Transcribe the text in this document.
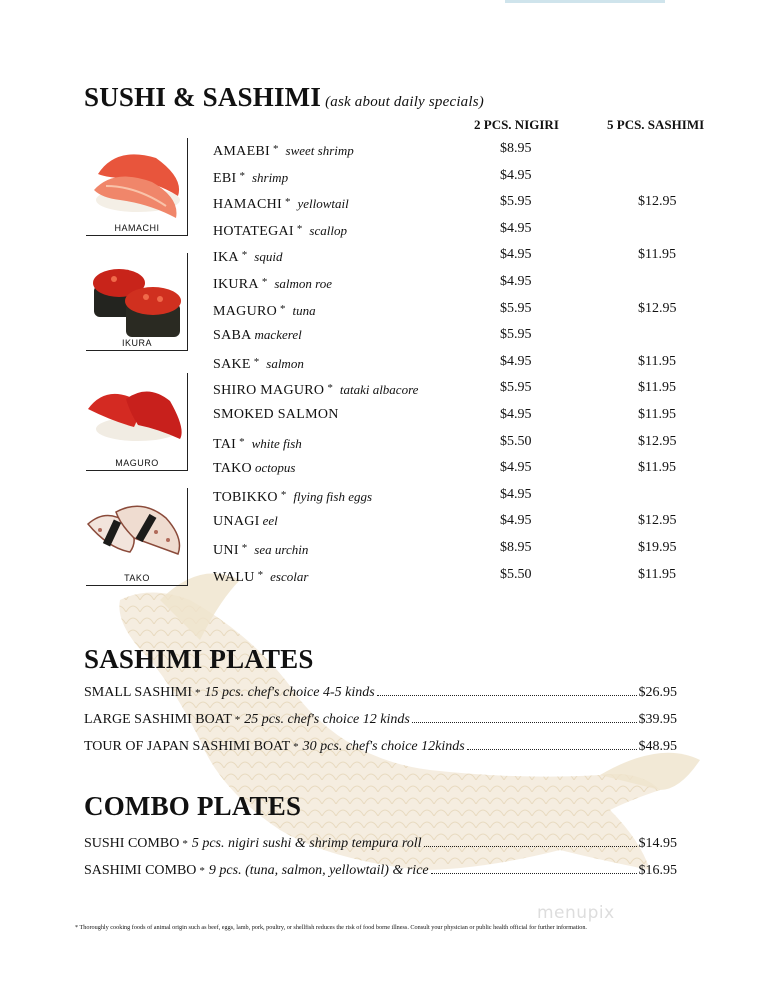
SUSHI & SASHIMI (ask about daily specials)
2 PCS. NIGIRI	5 PCS. SASHIMI
HAMACHI
IKURA
MAGURO
TAKO
AMAEBI * sweet shrimp	$8.95
EBI * shrimp	$4.95
HAMACHI * yellowtail	$5.95	$12.95
HOTATEGAI * scallop	$4.95
IKA * squid	$4.95	$11.95
IKURA * salmon roe	$4.95
MAGURO * tuna	$5.95	$12.95
SABA mackerel	$5.95
SAKE * salmon	$4.95	$11.95
SHIRO MAGURO * tataki albacore	$5.95	$11.95
SMOKED SALMON	$4.95	$11.95
TAI * white fish	$5.50	$12.95
TAKO octopus	$4.95	$11.95
TOBIKKO * flying fish eggs	$4.95
UNAGI eel	$4.95	$12.95
UNI * sea urchin	$8.95	$19.95
WALU * escolar	$5.50	$11.95
SASHIMI PLATES
SMALL SASHIMI * 15 pcs. chef's choice 4-5 kinds	$26.95
LARGE SASHIMI BOAT * 25 pcs. chef's choice 12 kinds	$39.95
TOUR OF JAPAN SASHIMI BOAT * 30 pcs. chef's choice 12kinds	$48.95
COMBO PLATES
SUSHI COMBO * 5 pcs. nigiri sushi & shrimp tempura roll	$14.95
SASHIMI COMBO * 9 pcs. (tuna, salmon, yellowtail) & rice	$16.95
menupix
* Thoroughly cooking foods of animal origin such as beef, eggs, lamb, pork, poultry, or shellfish reduces the risk of food borne illness. Consult your physician or public health official for further information.
